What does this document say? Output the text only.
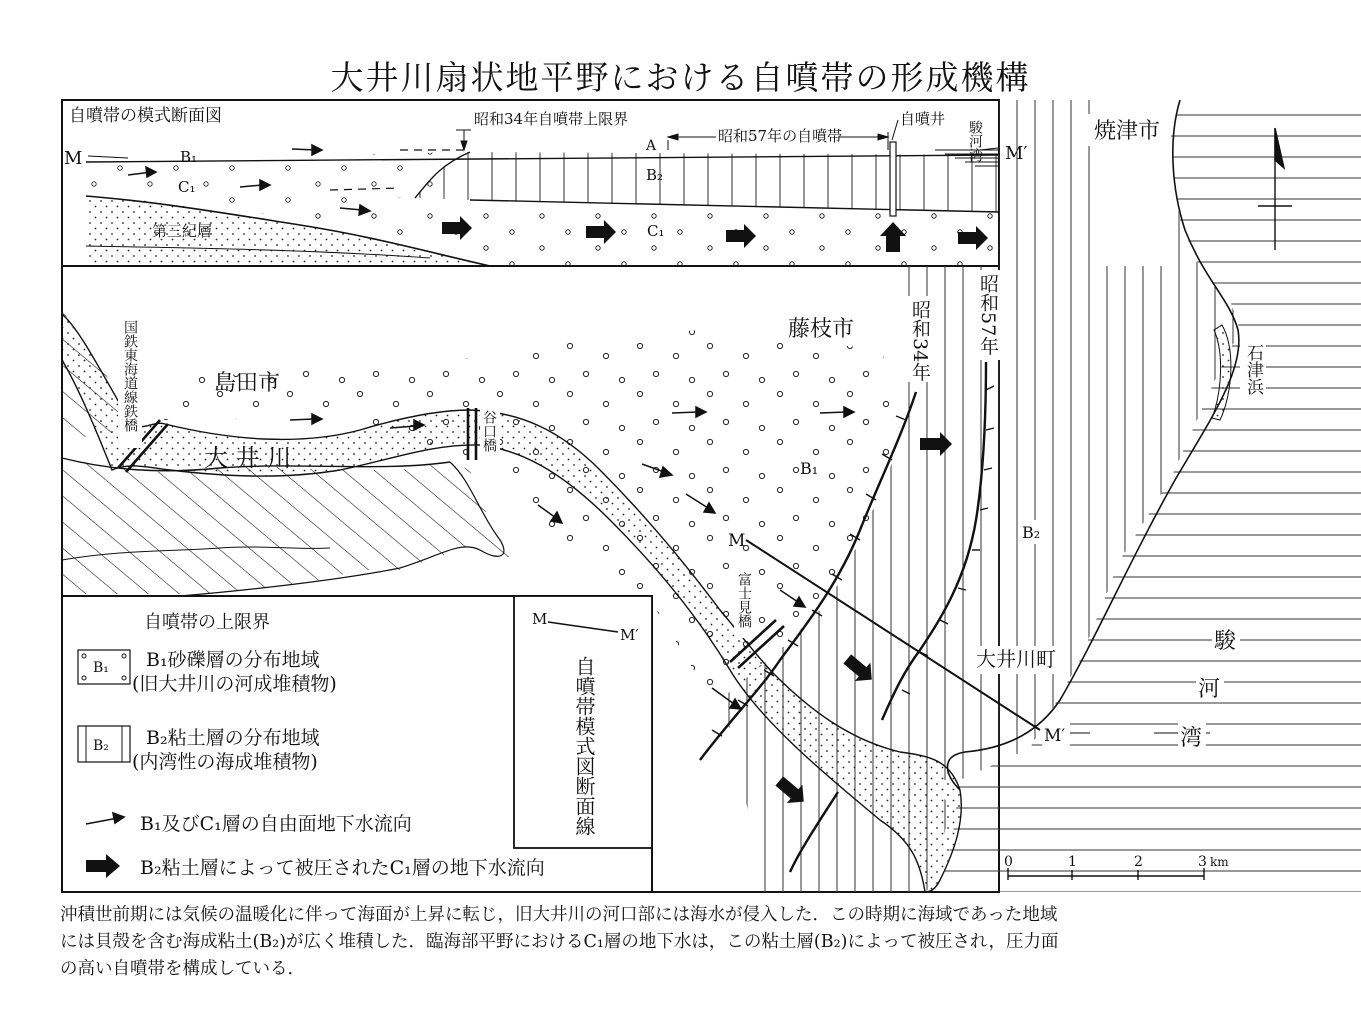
大井川扇状地平野における自噴帯の形成機構
自噴帯の模式断面図
M	B₁
C₁
B₂
C₁
A
第三紀層
昭和34年自噴帯上限界
昭和57年の自噴帯
自噴井
駿河湾
0	1	2	3 km
焼津市
藤枝市
島田市
大 井 川
大井川町
石津浜
国鉄東海道線鉄橋	谷口橋
富士見橋
昭和34年 昭和57年
B₁
B₂
M
M′
駿
河
湾
自噴帯の上限界
B₁ B₁砂礫層の分布地域
(旧大井川の河成堆積物)
B₂ B₂粘土層の分布地域
(内湾性の海成堆積物)
B₁及びC₁層の自由面地下水流向
B₂粘土層によって被圧されたC₁層の地下水流向
M
M′
自噴帯模式図断面線

沖積世前期には気候の温暖化に伴って海面が上昇に転じ，旧大井川の河口部には海水が侵入した．この時期に海域であった地域

には貝殻を含む海成粘土(B₂)が広く堆積した．臨海部平野におけるC₁層の地下水は，この粘土層(B₂)によって被圧され，圧力面

の高い自噴帯を構成している．
